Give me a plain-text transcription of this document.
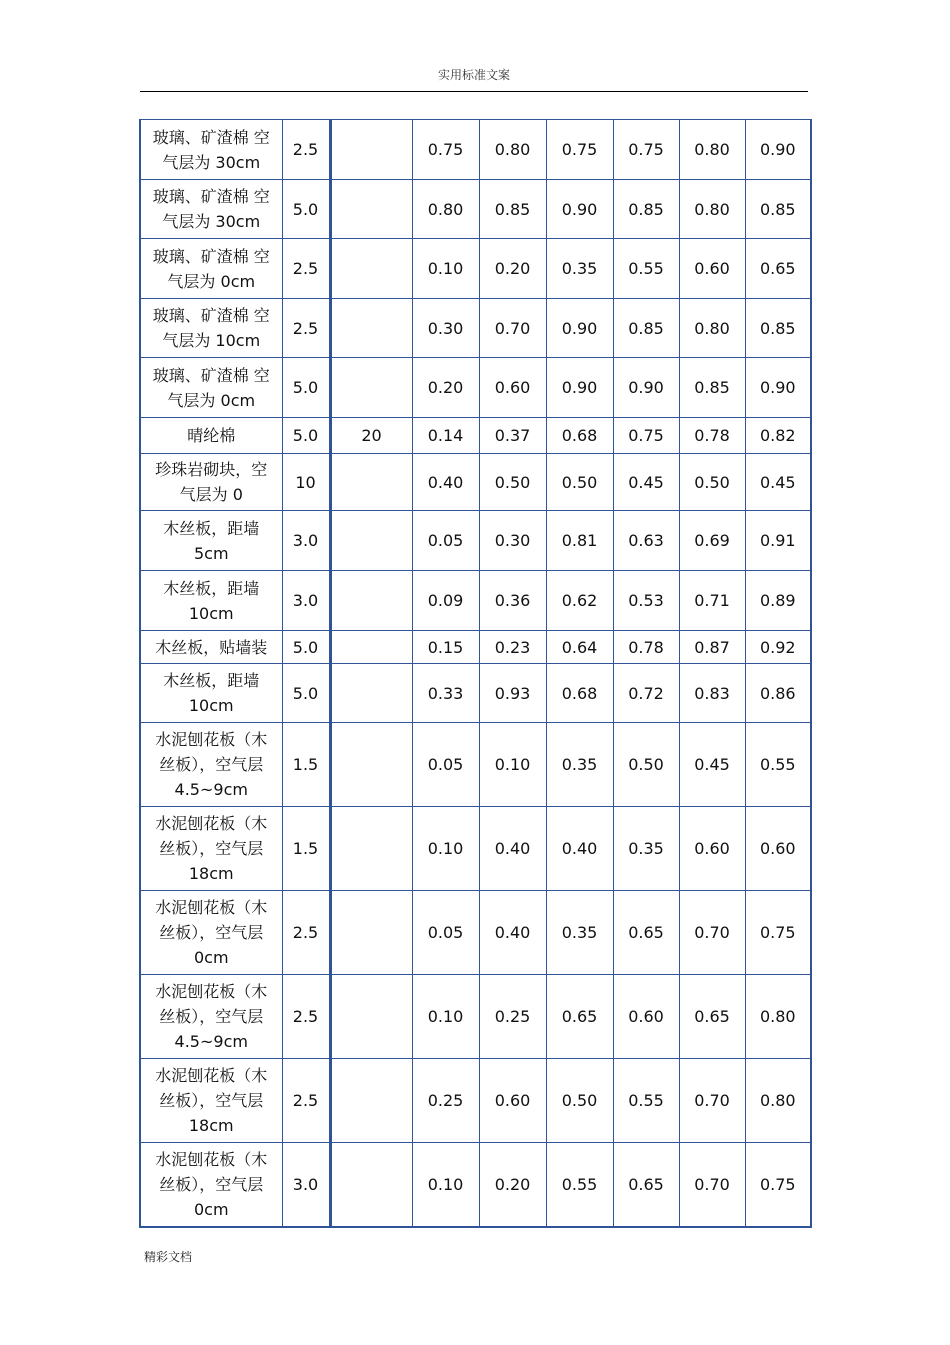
实用标准文案
玻璃、矿渣棉 空
气层为 30cm	2.5		0.75	0.80	0.75	0.75	0.80	0.90

玻璃、矿渣棉 空
气层为 30cm	5.0		0.80	0.85	0.90	0.85	0.80	0.85

玻璃、矿渣棉 空
气层为 0cm	2.5		0.10	0.20	0.35	0.55	0.60	0.65

玻璃、矿渣棉 空
气层为 10cm	2.5		0.30	0.70	0.90	0.85	0.80	0.85

玻璃、矿渣棉 空
气层为 0cm	5.0		0.20	0.60	0.90	0.90	0.85	0.90

晴纶棉	5.0	20	0.14	0.37	0.68	0.75	0.78	0.82

珍珠岩砌块，空
气层为 0	10		0.40	0.50	0.50	0.45	0.50	0.45

木丝板，距墙
5cm	3.0		0.05	0.30	0.81	0.63	0.69	0.91

木丝板，距墙
10cm	3.0		0.09	0.36	0.62	0.53	0.71	0.89

木丝板，贴墙装	5.0		0.15	0.23	0.64	0.78	0.87	0.92

木丝板，距墙
10cm	5.0		0.33	0.93	0.68	0.72	0.83	0.86

水泥刨花板（木
丝板），空气层
4.5~9cm	1.5		0.05	0.10	0.35	0.50	0.45	0.55

水泥刨花板（木
丝板），空气层
18cm	1.5		0.10	0.40	0.40	0.35	0.60	0.60

水泥刨花板（木
丝板），空气层
0cm	2.5		0.05	0.40	0.35	0.65	0.70	0.75

水泥刨花板（木
丝板），空气层
4.5~9cm	2.5		0.10	0.25	0.65	0.60	0.65	0.80

水泥刨花板（木
丝板），空气层
18cm	2.5		0.25	0.60	0.50	0.55	0.70	0.80

水泥刨花板（木
丝板），空气层
0cm	3.0		0.10	0.20	0.55	0.65	0.70	0.75
精彩文档
